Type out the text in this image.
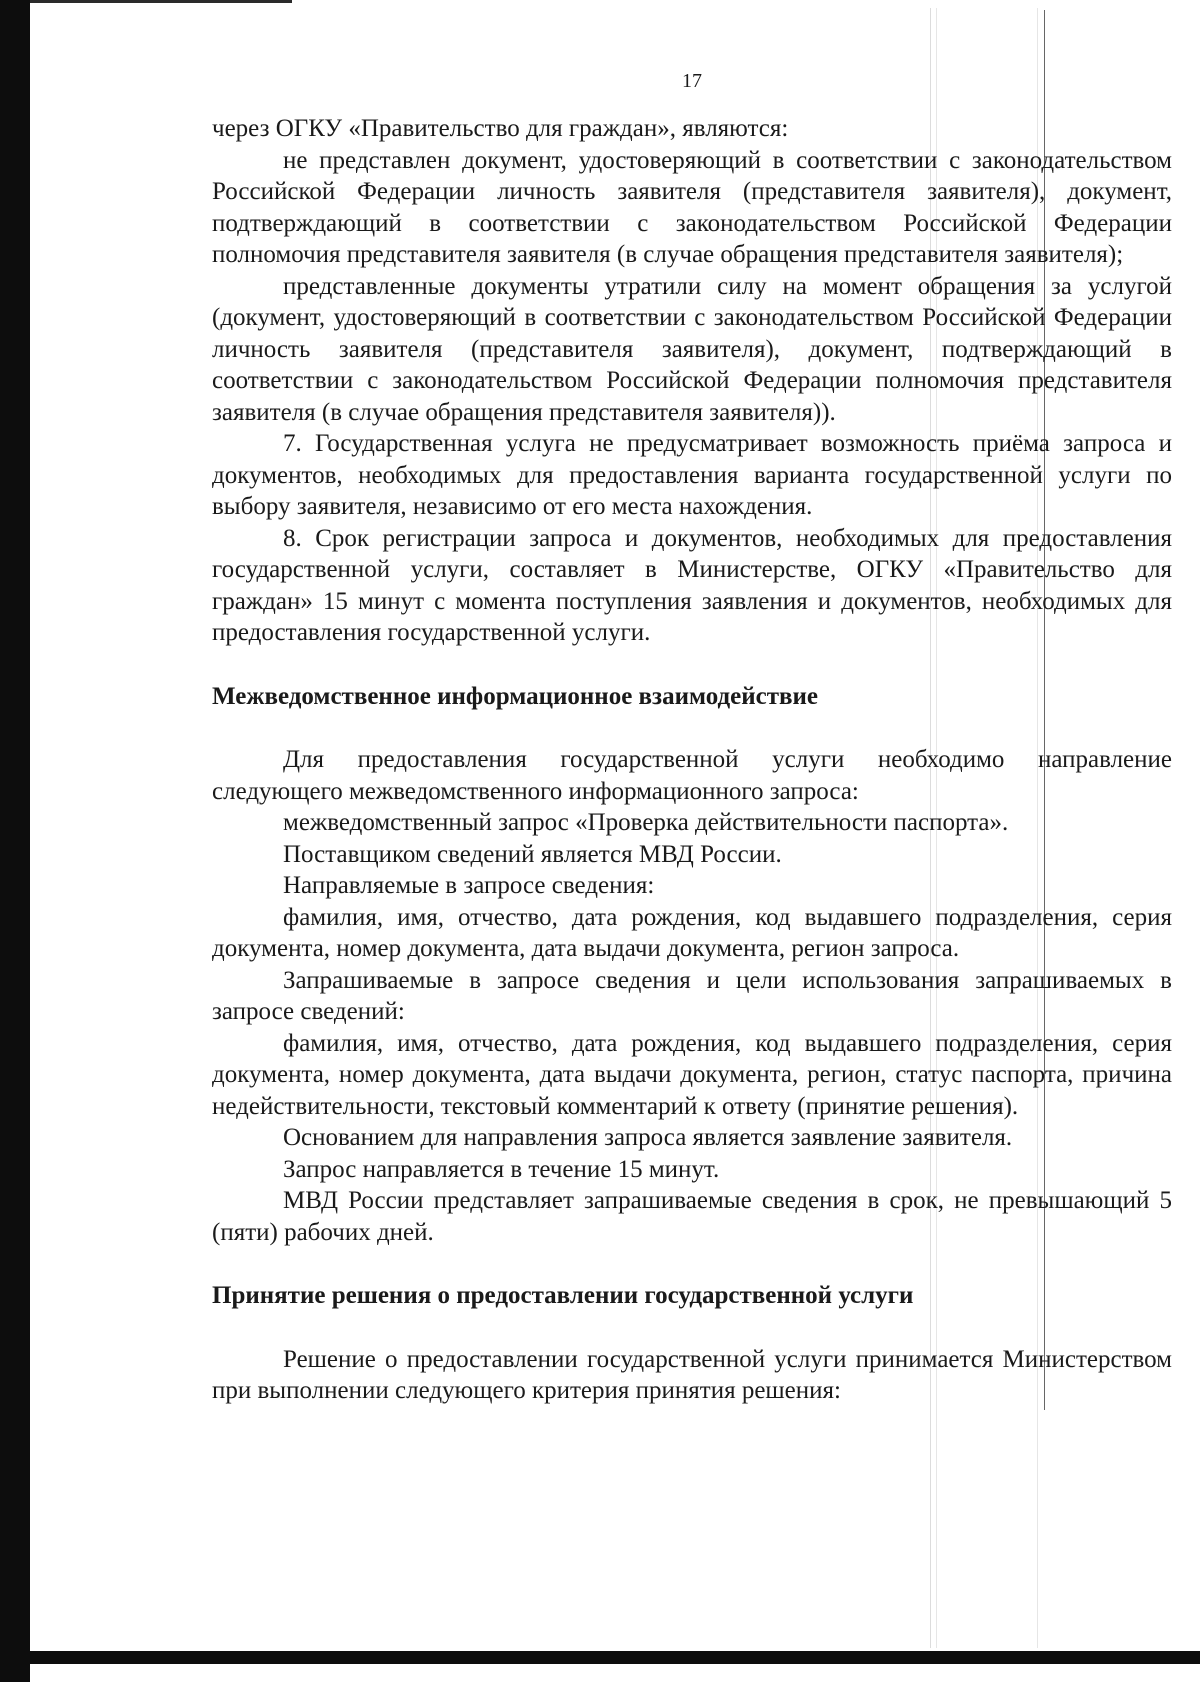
17

через ОГКУ «Правительство для граждан», являются:

не представлен документ, удостоверяющий в соответствии с законодательством Российской Федерации личность заявителя (представителя заявителя), документ, подтверждающий в соответствии с законодательством Российской Федерации полномочия представителя заявителя (в случае обращения представителя заявителя);

представленные документы утратили силу на момент обращения за услугой (документ, удостоверяющий в соответствии с законодательством Российской Федерации личность заявителя (представителя заявителя), документ, подтверждающий в соответствии с законодательством Российской Федерации полномочия представителя заявителя (в случае обращения представителя заявителя)).

7. Государственная услуга не предусматривает возможность приёма запроса и документов, необходимых для предоставления варианта государственной услуги по выбору заявителя, независимо от его места нахождения.

8. Срок регистрации запроса и документов, необходимых для предоставления государственной услуги, составляет в Министерстве, ОГКУ «Правительство для граждан» 15 минут с момента поступления заявления и документов, необходимых для предоставления государственной услуги.

Межведомственное информационное взаимодействие

Для предоставления государственной услуги необходимо направление следующего межведомственного информационного запроса:

межведомственный запрос «Проверка действительности паспорта».

Поставщиком сведений является МВД России.

Направляемые в запросе сведения:

фамилия, имя, отчество, дата рождения, код выдавшего подразделения, серия документа, номер документа, дата выдачи документа, регион запроса.

Запрашиваемые в запросе сведения и цели использования запрашиваемых в запросе сведений:

фамилия, имя, отчество, дата рождения, код выдавшего подразделения, серия документа, номер документа, дата выдачи документа, регион, статус паспорта, причина недействительности, текстовый комментарий к ответу (принятие решения).

Основанием для направления запроса является заявление заявителя.

Запрос направляется в течение 15 минут.

МВД России представляет запрашиваемые сведения в срок, не превышающий 5 (пяти) рабочих дней.

Принятие решения о предоставлении государственной услуги

Решение о предоставлении государственной услуги принимается Министерством при выполнении следующего критерия принятия решения:
